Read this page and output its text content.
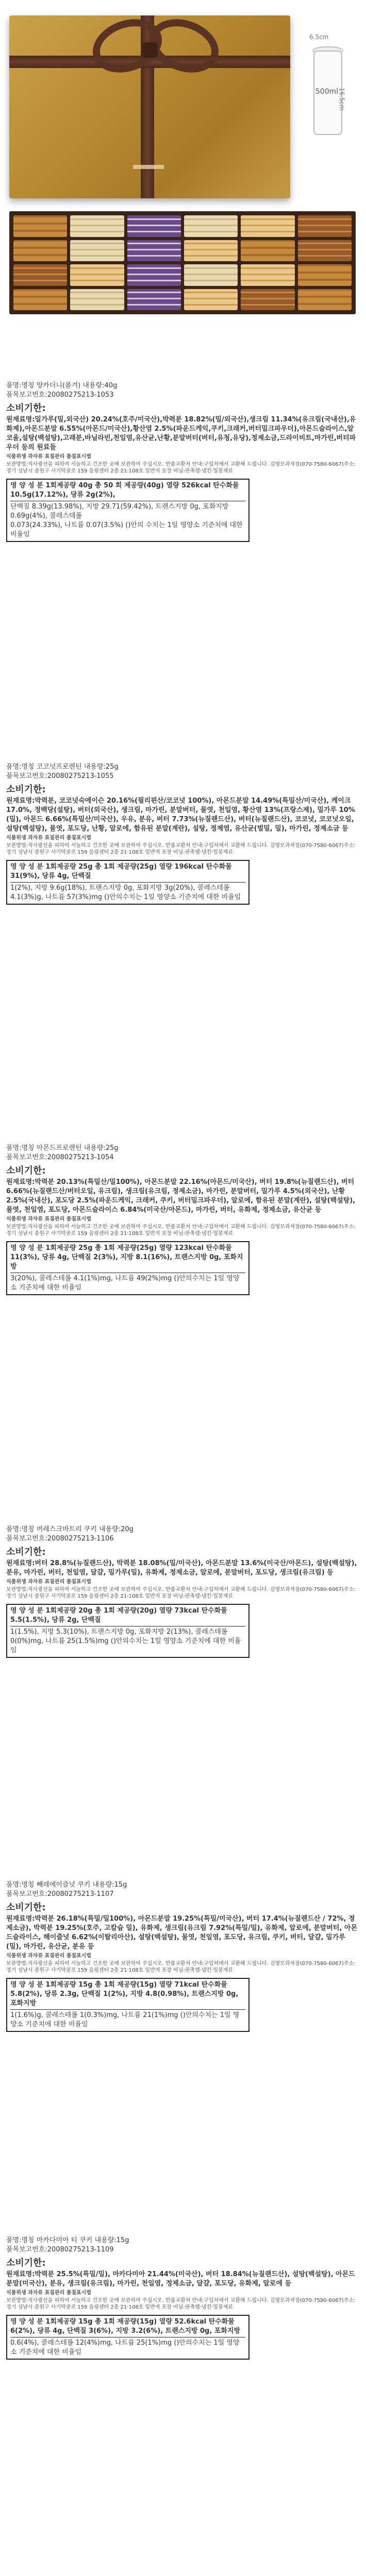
6.5cm
16.5cm
500ml

품명:명칭 양카더니(볼겨) 내용량:40g

품목보고번호:20080275213-1053

소비기한:

원재료명:밀가루(밀,외국산) 20.24%(호주/미국산),박력분 18.82%(밀/외국산),생크림 11.34%(유크림(국내산),유화제),아몬드분말 6.55%(아몬드/미국산),황산염 2.5%(파운드케익,쿠키,크래커,버터밀크파우더),아몬드슬라이스,알코올,설탕(백설탕),고래분,바닐라빈,천일염,유산균,난황,분말버터(버터,유청,유당),정제소금,드라이비트,마가린,버터파우더 등의 원료들

식품위생 과자류 표질관리 품질표시법

보관방법:직사광선을 피하여 서늘하고 건조한 곳에 보관하여 주십시오. 반품교환처 안내:구입처에서 교환해 드립니다. 김영모과자점(070-7580-6067)주소:경기 성남시 중원구 사기막골로 159 음림센터 2층 21·108호 일반지 포장 비닐:판촉랩·냅킨·밀봉재료

영 양 성 분 1회제공량 40g 총 50 회 제공량(40g) 열량 526kcal 탄수화물 10.5g(17.12%), 당류 2g(2%),

단백질 8.39g(13.98%), 지방 29.71(59.42%), 트랜스지방 0g, 포화지방 0.69g(4%), 콜레스테롤

0.073(24.33%), 나트륨 0.07(3.5%) ()안의 수치는 1일 영양소 기준치에 대한 비율임

품명:명칭 코코넛프로렌틴 내용량:25g

품목보고번호:20080275213-1055

소비기한:

원재료명:박력분, 코코넛숙에이슨 20.16%(필리핀산/코코넛 100%), 아몬드분말 14.49%(특밀산/미국산), 케이크 17.0%, 정백당(설탕), 버터(외국산), 생크림, 마가린, 분말버터, 물엿, 천일염, 황산염 13%(프랑스제), 밀가루 10%(밀), 아몬드 6.66%(특밀산/미국산), 우유, 분유, 버터 7.73%(뉴질랜드산), 버터(뉴질랜드산), 코코넛, 코코넛오일, 설탕(백설탕), 물엿, 포도당, 난황, 알로에, 함유된 분말(계란), 설탕, 정제염, 유산균(벌밀, 밀), 마가린, 정제소금 등

식품위생 과자류 표질관리 품질표시법

보관방법:직사광선을 피하여 서늘하고 건조한 곳에 보관하여 주십시오. 반품교환처 안내:구입처에서 교환해 드립니다. 김영모과자점(070-7580-6067)주소:경기 성남시 중원구 사기막골로 159 음림센터 2층 21·108호 일반지 포장 비닐:판촉랩·냅킨·밀봉재료

영 양 성 분 1회제공량 25g 총 1회 제공량(25g) 열량 196kcal 탄수화물 31(9%), 당류 4g, 단백질

1(2%), 지방 9.6g(18%), 트랜스지방 0g, 포화지방 3g(20%), 콜레스테롤 4.1(3%)g, 나트륨 57(3%)mg ()안의수치는 1일 영양소 기준치에 대한 비율임

품명:명칭 아몬드프로렌틴 내용량:25g

품목보고번호:20080275213-1054

소비기한:

원재료명:박력분 20.13%(특밀산/밀100%), 아몬드분말 22.16%(아몬드/미국산), 버터 19.8%(뉴질랜드산), 버터 6.66%(뉴질랜드산/버터오일, 유크림), 생크림(유크림, 정제소금), 마가린, 분말버터, 밀가루 4.5%(외국산), 난황 2.5%(국내산), 포도당 2.5%(파운드케익, 크래커, 쿠키, 버터밀크파우더), 알로에, 함유된 분말(계란), 설탕(백설탕), 물엿, 천일염, 포도당, 아몬드슬라이스 6.84%(미국산/아몬드), 마가린, 버터, 유화제, 정제소금, 유산균 등

식품위생 과자류 표질관리 품질표시법

보관방법:직사광선을 피하여 서늘하고 건조한 곳에 보관하여 주십시오. 반품교환처 안내:구입처에서 교환해 드립니다. 김영모과자점(070-7580-6067)주소:경기 성남시 중원구 사기막골로 159 음림센터 2층 21·108호 일반지 포장 비닐:판촉랩·냅킨·밀봉재료

영 양 성 분 1회제공량 25g 총 1회 제공량(25g) 열량 123kcal 탄수화물 11(3%), 당류 4g, 단백질 2(3%), 지방 8.1(16%), 트랜스지방 0g, 포화지방

3(20%), 콜레스테롤 4.1(1%)mg, 나트륨 49(2%)mg ()안의수치는 1일 영양소 기준치에 대한 비율임

품명:명칭 버레스크바트리 쿠키 내용량:20g

품목보고번호:20080275213-1106

소비기한:

원재료명:버터 28.8%(뉴질랜드산), 박력분 18.08%(밀/미국산), 아몬드분말 13.6%(미국산/아몬드), 설탕(백설탕), 분유, 마가린, 버터, 천일염, 달걀, 밀가루(밀), 유화제, 정제소금, 알로에, 분말버터, 포도당, 생크림(유크림) 등

식품위생 과자류 표질관리 품질표시법

보관방법:직사광선을 피하여 서늘하고 건조한 곳에 보관하여 주십시오. 반품교환처 안내:구입처에서 교환해 드립니다. 김영모과자점(070-7580-6067)주소:경기 성남시 중원구 사기막골로 159 음림센터 2층 21·108호 일반지 포장 비닐:판촉랩·냅킨·밀봉재료

영 양 성 분 1회제공량 20g 총 1회 제공량(20g) 열량 73kcal 탄수화물 5.5(1.5%), 당류 2g, 단백질

1(1.5%), 지방 5.3(10%), 트랜스지방 0g, 포화지방 2(13%), 콜레스테롤 0(0%)mg, 나트륨 25(1.5%)mg ()안의수치는 1일 영양소 기준치에 대한 비율임

품명:명칭 빼레에이즐넛 쿠키 내용량:15g

품목보고번호:20080275213-1107

소비기한:

원재료명:박력분 26.18%(특밀/밀100%), 아몬드분말 19.25%(특밀/미국산), 버터 17.4%(뉴질랜드산 / 72%, 정제소금), 박력분 19.25%(호주, 고칼슘 밀), 유화제, 생크림(유크림 7.92%(특밀/밀), 유화제, 알로에, 분말버터, 아몬드슬라이스, 헤이즐넛 6.62%(이탈리아산), 설탕(백설탕), 물엿, 천일염, 포도당, 유크림, 쿠키, 버터, 달걀, 밀가루(밀), 마가린, 유산균, 분유 등

식품위생 과자류 표질관리 품질표시법

보관방법:직사광선을 피하여 서늘하고 건조한 곳에 보관하여 주십시오. 반품교환처 안내:구입처에서 교환해 드립니다. 김영모과자점(070-7580-6067)주소:경기 성남시 중원구 사기막골로 159 음림센터 2층 21·108호 일반지 포장 비닐:판촉랩·냅킨·밀봉재료

영 양 성 분 1회제공량 15g 총 1회 제공량(15g) 열량 71kcal 탄수화물 5.8(2%), 당류 2.3g, 단백질 1(2%), 지방 4.8(0.98%), 트랜스지방 0g, 포화지방

1(1.6%)g, 콜레스테롤 1(0.3%)mg, 나트륨 21(1%)mg ()안의수치는 1일 영양소 기준치에 대한 비율임

품명:명칭 마카다미아 티 쿠키 내용량:15g

품목보고번호:20080275213-1109

소비기한:

원재료명:박력분 25.5%(특밀/밀), 마카다미아 21.44%(미국산), 버터 18.84%(뉴질랜드산), 설탕(백설탕), 아몬드분말(미국산), 분유, 생크림(유크림), 마가린, 천일염, 정제소금, 달걀, 포도당, 유화제, 알로에 등

식품위생 과자류 표질관리 품질표시법

보관방법:직사광선을 피하여 서늘하고 건조한 곳에 보관하여 주십시오. 반품교환처 안내:구입처에서 교환해 드립니다. 김영모과자점(070-7580-6067)주소:경기 성남시 중원구 사기막골로 159 음림센터 2층 21·108호 일반지 포장 비닐:판촉랩·냅킨·밀봉재료

영 양 성 분 1회제공량 15g 총 1회 제공량(15g) 열량 52.6kcal 탄수화물 6(2%), 당류 4g, 단백질 3(6%), 지방 3.2(6%), 트랜스지방 0g, 포화지방

0.6(4%), 콜레스테롤 12(4%)mg, 나트륨 25(1%)mg ()안의수치는 1일 영양소 기준치에 대한 비율임
